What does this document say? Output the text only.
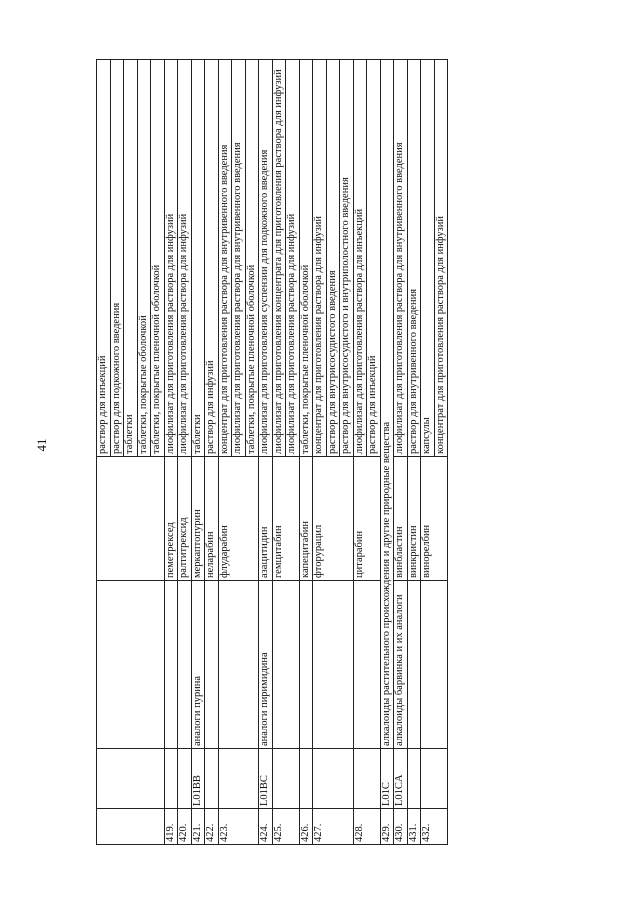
41
					раствор для инъекций
				раствор для подкожного введения
				таблетки
				таблетки, покрытые оболочкой
				таблетки, покрытые пленочной оболочкой
419.			пеметрексед	лиофилизат для приготовления раствора для инфузий
420.			ралтитрексид	лиофилизат для приготовления раствора для инфузий
421.	L01BB	аналоги пурина	меркаптопурин	таблетки
422.			неларабин	раствор для инфузий
423.			флударабин	концентрат для приготовления раствора для внутривенного введения
				лиофилизат для приготовления раствора для внутривенного введения
				таблетки, покрытые пленочной оболочкой
424.	L01BC	аналоги пиримидина	азацитидин	лиофилизат для приготовления суспензии для подкожного введения
425.			гемцитабин	лиофилизат для приготовления концентрата для приготовления раствора для инфузий
				лиофилизат для приготовления раствора для инфузий
426.			капецитабин	таблетки, покрытые пленочной оболочкой
427.			фторурацил	концентрат для приготовления раствора для инфузий
				раствор для внутрисосудистого введения
				раствор для внутрисосудистого и внутриполостного введения
428.			цитарабин	лиофилизат для приготовления раствора для инъекций
				раствор для инъекций
429.	L01C	алкалоиды растительного происхождения и другие природные вещества		
430.	L01CA	алкалоиды барвинка и их аналоги	винбластин	лиофилизат для приготовления раствора для внутривенного введения
431.			винкристин	раствор для внутривенного введения
432.			винорелбин	капсулы
				концентрат для приготовления раствора для инфузий
